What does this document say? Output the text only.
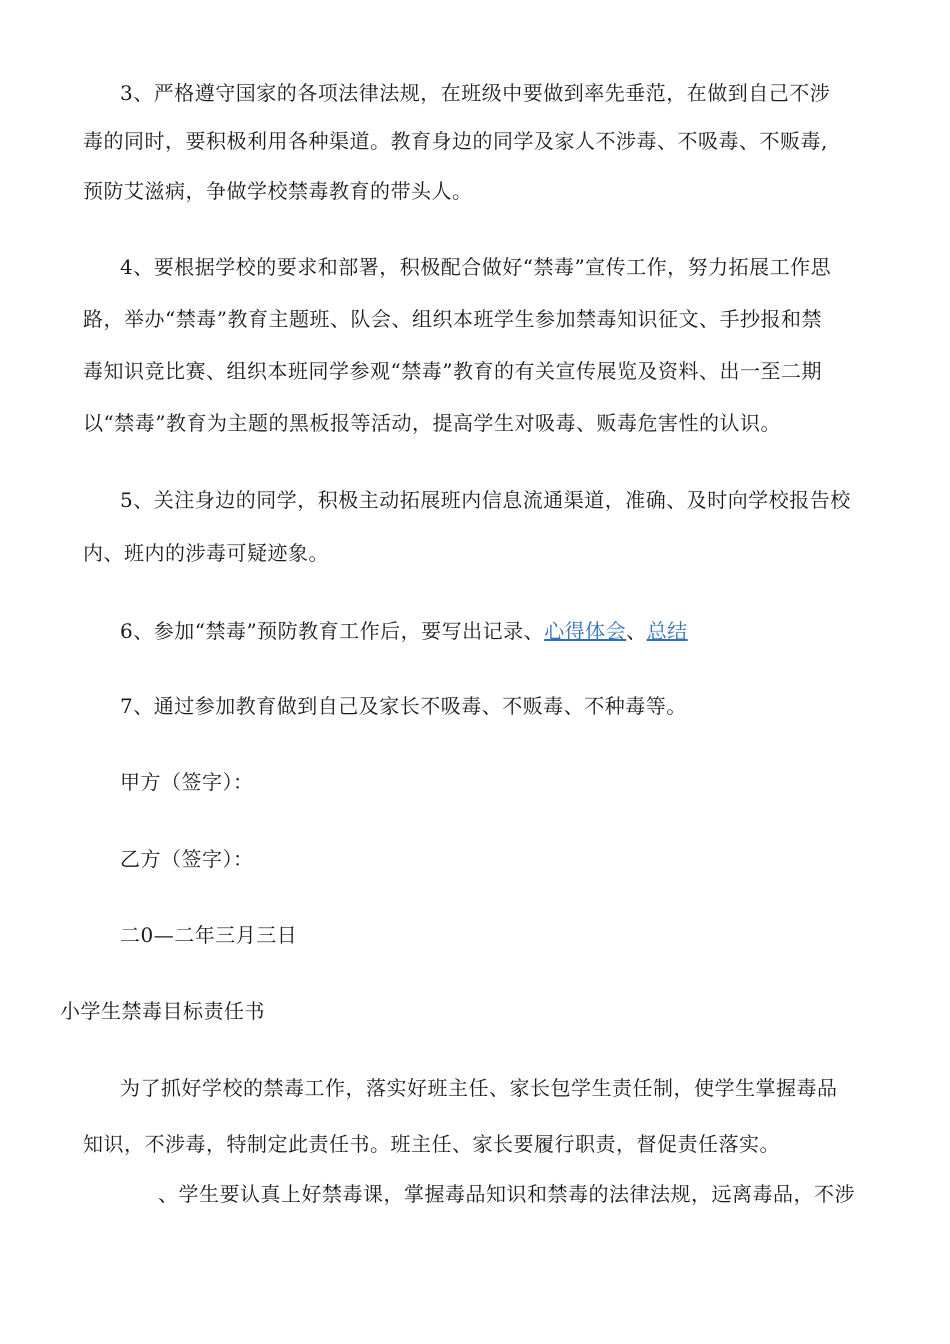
3、严格遵守国家的各项法律法规，在班级中要做到率先垂范，在做到自己不涉
毒的同时，要积极利用各种渠道。教育身边的同学及家人不涉毒、不吸毒、不贩毒,
预防艾滋病，争做学校禁毒教育的带头人。
4、要根据学校的要求和部署，积极配合做好“禁毒”宣传工作，努力拓展工作思
路，举办“禁毒”教育主题班、队会、组织本班学生参加禁毒知识征文、手抄报和禁
毒知识竞比赛、组织本班同学参观“禁毒”教育的有关宣传展览及资料、出一至二期
以“禁毒”教育为主题的黑板报等活动，提高学生对吸毒、贩毒危害性的认识。
5、关注身边的同学，积极主动拓展班内信息流通渠道，准确、及时向学校报告校
内、班内的涉毒可疑迹象。
6、参加“禁毒”预防教育工作后，要写出记录、心得体会、总结
7、通过参加教育做到自己及家长不吸毒、不贩毒、不种毒等。
甲方（签字）：
乙方（签字）：
二0—二年三月三日
小学生禁毒目标责任书
为了抓好学校的禁毒工作，落实好班主任、家长包学生责任制，使学生掌握毒品
知识，不涉毒，特制定此责任书。班主任、家长要履行职责，督促责任落实。
、学生要认真上好禁毒课，掌握毒品知识和禁毒的法律法规，远离毒品，不涉
